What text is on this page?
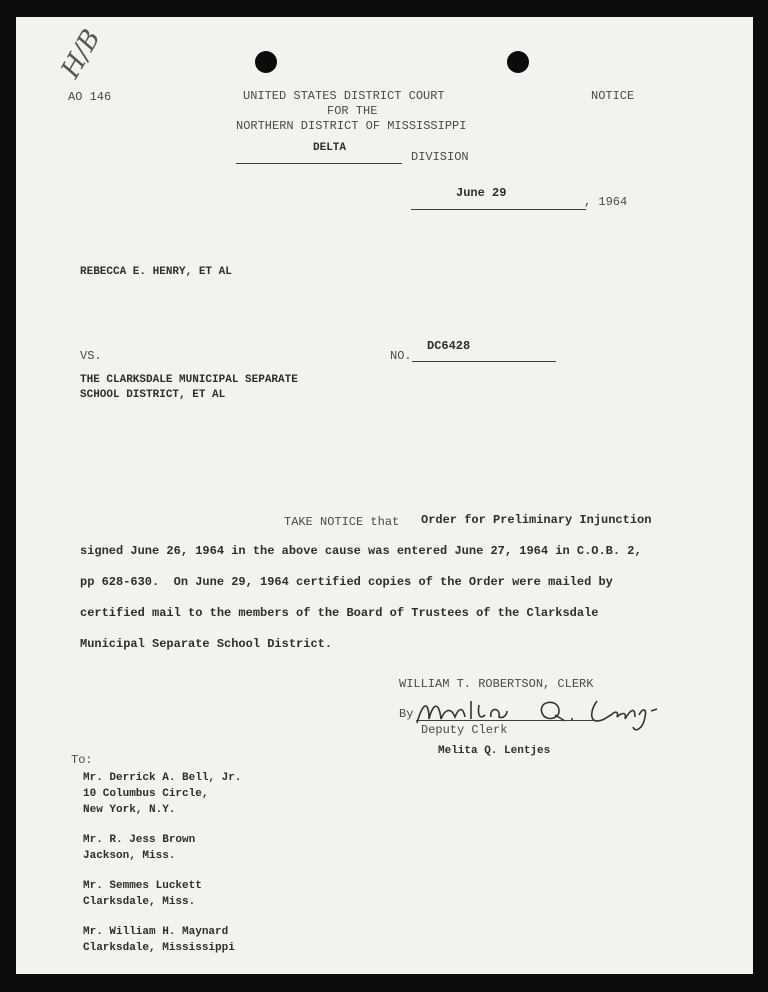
H/B
AO 146	UNITED STATES DISTRICT COURT
FOR THE
NORTHERN DISTRICT OF MISSISSIPPI
NOTICE
DELTA
DIVISION
June 29
, 1964
REBECCA E. HENRY, ET AL
VS.	NO.
DC6428
THE CLARKSDALE MUNICIPAL SEPARATE
SCHOOL DISTRICT, ET AL
TAKE NOTICE that Order for Preliminary Injunction
signed June 26, 1964 in the above cause was entered June 27, 1964 in C.O.B. 2,
pp 628-630.  On June 29, 1964 certified copies of the Order were mailed by
certified mail to the members of the Board of Trustees of the Clarksdale
Municipal Separate School District.
WILLIAM T. ROBERTSON, CLERK
By
Deputy Clerk
Melita Q. Lentjes
To:
Mr. Derrick A. Bell, Jr.
10 Columbus Circle,
New York, N.Y.
Mr. R. Jess Brown
Jackson, Miss.
Mr. Semmes Luckett
Clarksdale, Miss.
Mr. William H. Maynard
Clarksdale, Mississippi
